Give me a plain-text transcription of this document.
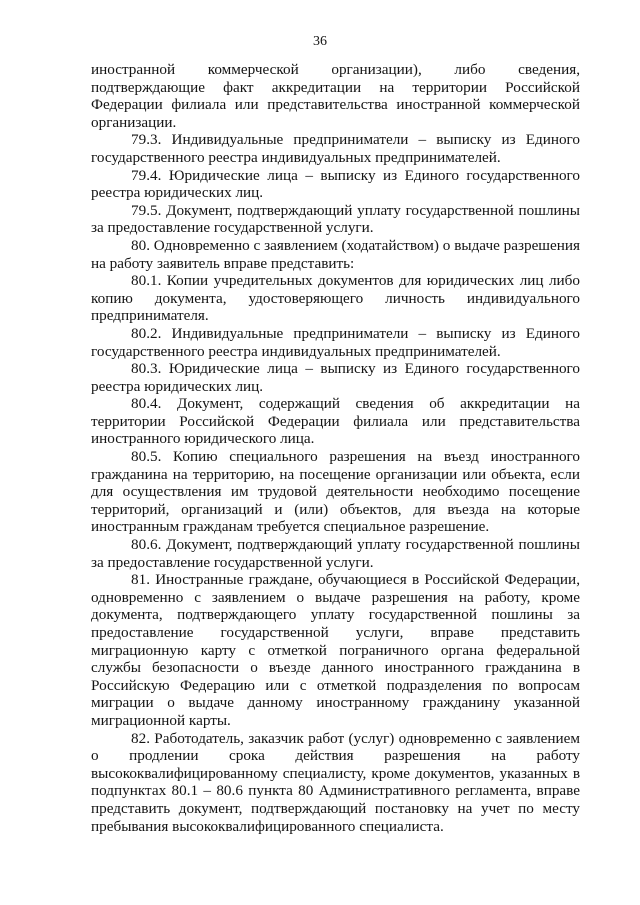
36

иностранной коммерческой организации), либо сведения, подтверждающие факт аккредитации на территории Российской Федерации филиала или представительства иностранной коммерческой организации.

79.3. Индивидуальные предприниматели – выписку из Единого государственного реестра индивидуальных предпринимателей.

79.4. Юридические лица – выписку из Единого государственного реестра юридических лиц.

79.5. Документ, подтверждающий уплату государственной пошлины за предоставление государственной услуги.

80. Одновременно с заявлением (ходатайством) о выдаче разрешения на работу заявитель вправе представить:

80.1. Копии учредительных документов для юридических лиц либо копию документа, удостоверяющего личность индивидуального предпринимателя.

80.2. Индивидуальные предприниматели – выписку из Единого государственного реестра индивидуальных предпринимателей.

80.3. Юридические лица – выписку из Единого государственного реестра юридических лиц.

80.4. Документ, содержащий сведения об аккредитации на территории Российской Федерации филиала или представительства иностранного юридического лица.

80.5. Копию специального разрешения на въезд иностранного гражданина на территорию, на посещение организации или объекта, если для осуществления им трудовой деятельности необходимо посещение территорий, организаций и (или) объектов, для въезда на которые иностранным гражданам требуется специальное разрешение.

80.6. Документ, подтверждающий уплату государственной пошлины за предоставление государственной услуги.

81. Иностранные граждане, обучающиеся в Российской Федерации, одновременно с заявлением о выдаче разрешения на работу, кроме документа, подтверждающего уплату государственной пошлины за предоставление государственной услуги, вправе представить миграционную карту с отметкой пограничного органа федеральной службы безопасности о въезде данного иностранного гражданина в Российскую Федерацию или с отметкой подразделения по вопросам миграции о выдаче данному иностранному гражданину указанной миграционной карты.

82. Работодатель, заказчик работ (услуг) одновременно с заявлением о продлении срока действия разрешения на работу высококвалифицированному специалисту, кроме документов, указанных в подпунктах 80.1 – 80.6 пункта 80 Административного регламента, вправе представить документ, подтверждающий постановку на учет по месту пребывания высококвалифицированного специалиста.
